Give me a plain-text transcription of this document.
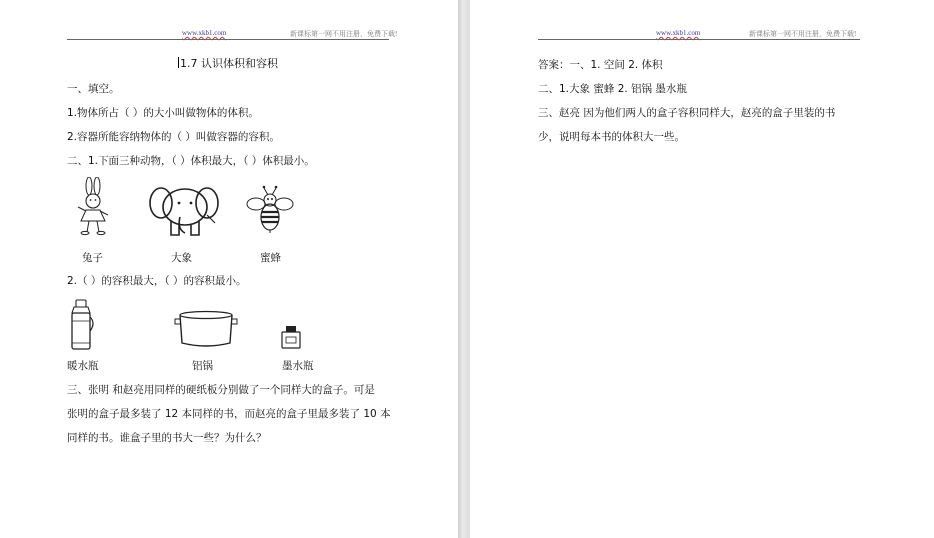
www.xkb1.com	新课标第一网不用注册，免费下载!
1.7 认识体积和容积
一、填空。
1.物体所占（ ）的大小叫做物体的体积。
2.容器所能容纳物体的（ ）叫做容器的容积。
二、1.下面三种动物，（ ）体积最大，（ ）体积最小。
兔子	大象	蜜蜂
2.（ ）的容积最大，（ ）的容积最小。
暖水瓶	铝锅	墨水瓶
三、张明 和赵亮用同样的硬纸板分别做了一个同样大的盒子。可是
张明的盒子最多装了 12 本同样的书，而赵亮的盒子里最多装了 10 本
同样的书。谁盒子里的书大一些？为什么？
www.xkb1.com	新课标第一网不用注册，免费下载!
答案：一、1. 空间 2. 体积
二、1.大象 蜜蜂 2. 铝锅 墨水瓶
三、赵亮 因为他们两人的盒子容积同样大，赵亮的盒子里装的书
少，说明每本书的体积大一些。
